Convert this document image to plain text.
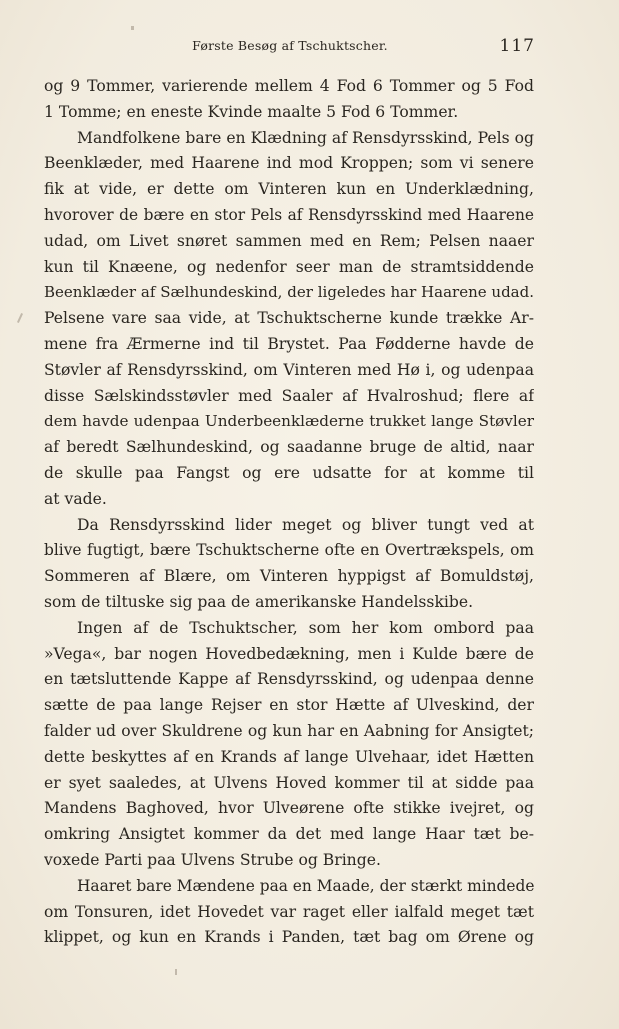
Første Besøg af Tschuktscher.	117
og 9 Tommer, varierende mellem 4 Fod 6 Tommer og 5 Fod
1 Tomme; en eneste Kvinde maalte 5 Fod 6 Tommer.
Mandfolkene bare en Klædning af Rensdyrsskind, Pels og
Beenklæder, med Haarene ind mod Kroppen; som vi senere
fik at vide, er dette om Vinteren kun en Underklædning,
hvorover de bære en stor Pels af Rensdyrsskind med Haarene
udad, om Livet snøret sammen med en Rem; Pelsen naaer
kun til Knæene, og nedenfor seer man de stramtsiddende
Beenklæder af Sælhundeskind, der ligeledes har Haarene udad.
Pelsene vare saa vide, at Tschuktscherne kunde trække Ar-
mene fra Ærmerne ind til Brystet. Paa Fødderne havde de
Støvler af Rensdyrsskind, om Vinteren med Hø i, og udenpaa
disse Sælskindsstøvler med Saaler af Hvalroshud; flere af
dem havde udenpaa Underbeenklæderne trukket lange Støvler
af beredt Sælhundeskind, og saadanne bruge de altid, naar
de skulle paa Fangst og ere udsatte for at komme til
at vade.
Da Rensdyrsskind lider meget og bliver tungt ved at
blive fugtigt, bære Tschuktscherne ofte en Overtrækspels, om
Sommeren af Blære, om Vinteren hyppigst af Bomuldstøj,
som de tiltuske sig paa de amerikanske Handelsskibe.
Ingen af de Tschuktscher, som her kom ombord paa
»Vega«, bar nogen Hovedbedækning, men i Kulde bære de
en tætsluttende Kappe af Rensdyrsskind, og udenpaa denne
sætte de paa lange Rejser en stor Hætte af Ulveskind, der
falder ud over Skuldrene og kun har en Aabning for Ansigtet;
dette beskyttes af en Krands af lange Ulvehaar, idet Hætten
er syet saaledes, at Ulvens Hoved kommer til at sidde paa
Mandens Baghoved, hvor Ulveørene ofte stikke ivejret, og
omkring Ansigtet kommer da det med lange Haar tæt be-
voxede Parti paa Ulvens Strube og Bringe.
Haaret bare Mændene paa en Maade, der stærkt mindede
om Tonsuren, idet Hovedet var raget eller ialfald meget tæt
klippet, og kun en Krands i Panden, tæt bag om Ørene og
